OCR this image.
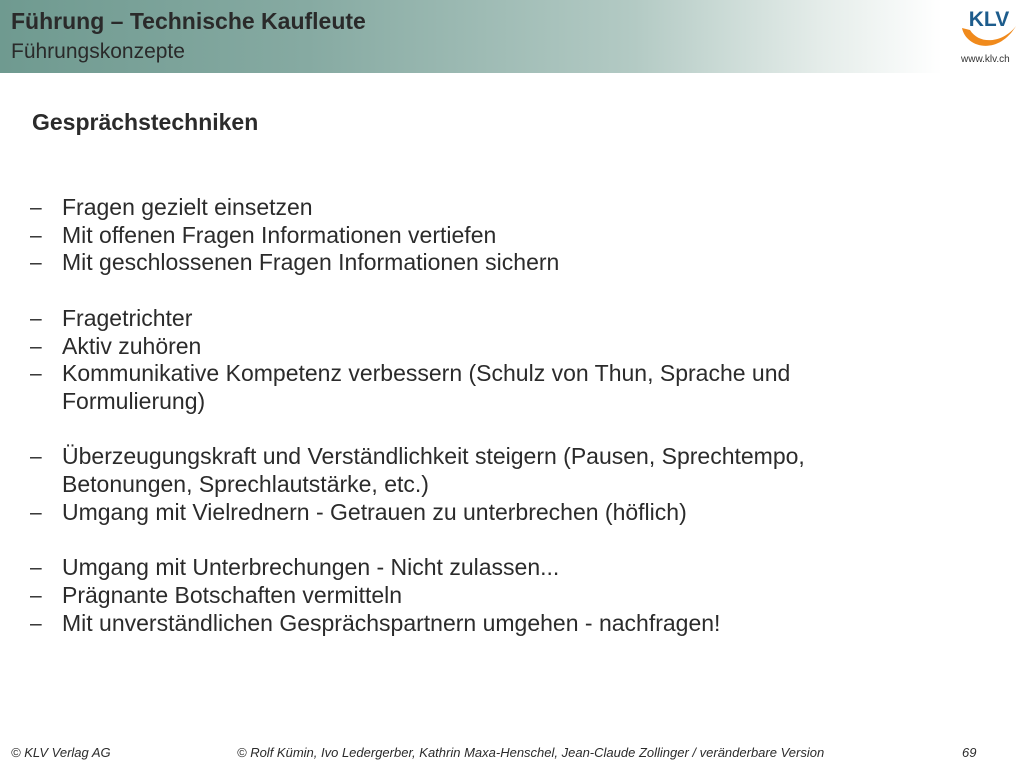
Führung – Technische Kaufleute
Führungskonzepte
KLV
www.klv.ch
Gesprächstechniken
– Fragen gezielt einsetzen
– Mit offenen Fragen Informationen vertiefen
– Mit geschlossenen Fragen Informationen sichern
– Fragetrichter
– Aktiv zuhören
– Kommunikative Kompetenz verbessern (Schulz von Thun, Sprache und Formulierung)
– Überzeugungskraft und Verständlichkeit steigern (Pausen, Sprechtempo, Betonungen, Sprechlautstärke, etc.)
– Umgang mit Vielrednern - Getrauen zu unterbrechen (höflich)
– Umgang mit Unterbrechungen - Nicht zulassen...
– Prägnante Botschaften vermitteln
– Mit unverständlichen Gesprächspartnern umgehen - nachfragen!
© KLV Verlag AG	© Rolf Kümin, Ivo Ledergerber, Kathrin Maxa-Henschel, Jean-Claude Zollinger / veränderbare Version	69
